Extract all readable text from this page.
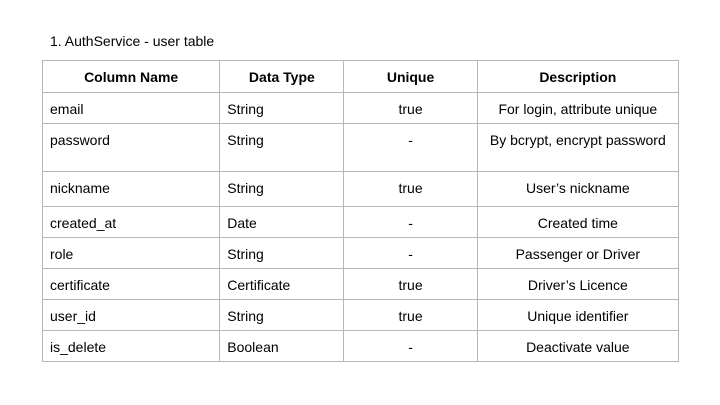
1. AuthService - user table
Column Name	Data Type	Unique	Description
email	String	true	For login, attribute unique
password	String	-	By bcrypt, encrypt password
nickname	String	true	User’s nickname
created_at	Date	-	Created time
role	String	-	Passenger or Driver
certificate	Certificate	true	Driver’s Licence
user_id	String	true	Unique identifier
is_delete	Boolean	-	Deactivate value
